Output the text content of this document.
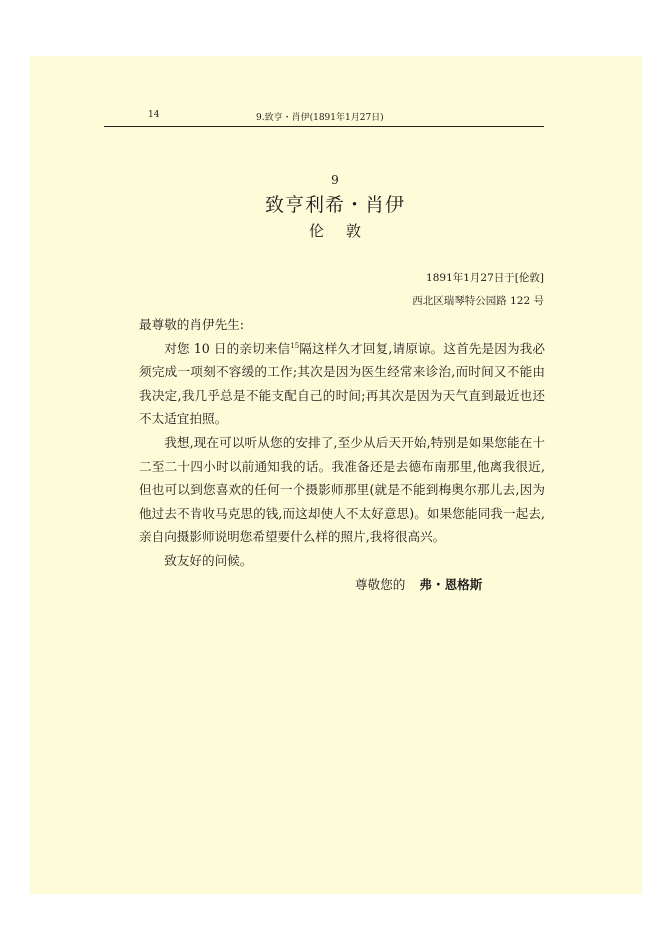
14	9.致亨・肖伊(1891年1月27日)
9
致亨利希・肖伊
伦敦
1891年1月27日于[伦敦]
西北区瑞琴特公园路 122 号

最尊敬的肖伊先生:

对您 10 日的亲切来信$^{15}$隔这样久才回复,请原谅。这首先是因为我必须完成一项刻不容缓的工作;其次是因为医生经常来诊治,而时间又不能由我决定,我几乎总是不能支配自己的时间;再其次是因为天气直到最近也还不太适宜拍照。

我想,现在可以听从您的安排了,至少从后天开始,特别是如果您能在十二至二十四小时以前通知我的话。我准备还是去德布南那里,他离我很近,但也可以到您喜欢的任何一个摄影师那里(就是不能到梅奥尔那儿去,因为他过去不肯收马克思的钱,而这却使人不太好意思)。如果您能同我一起去,亲自向摄影师说明您希望要什么样的照片,我将很高兴。

致友好的问候。

尊敬您的 弗・恩格斯
